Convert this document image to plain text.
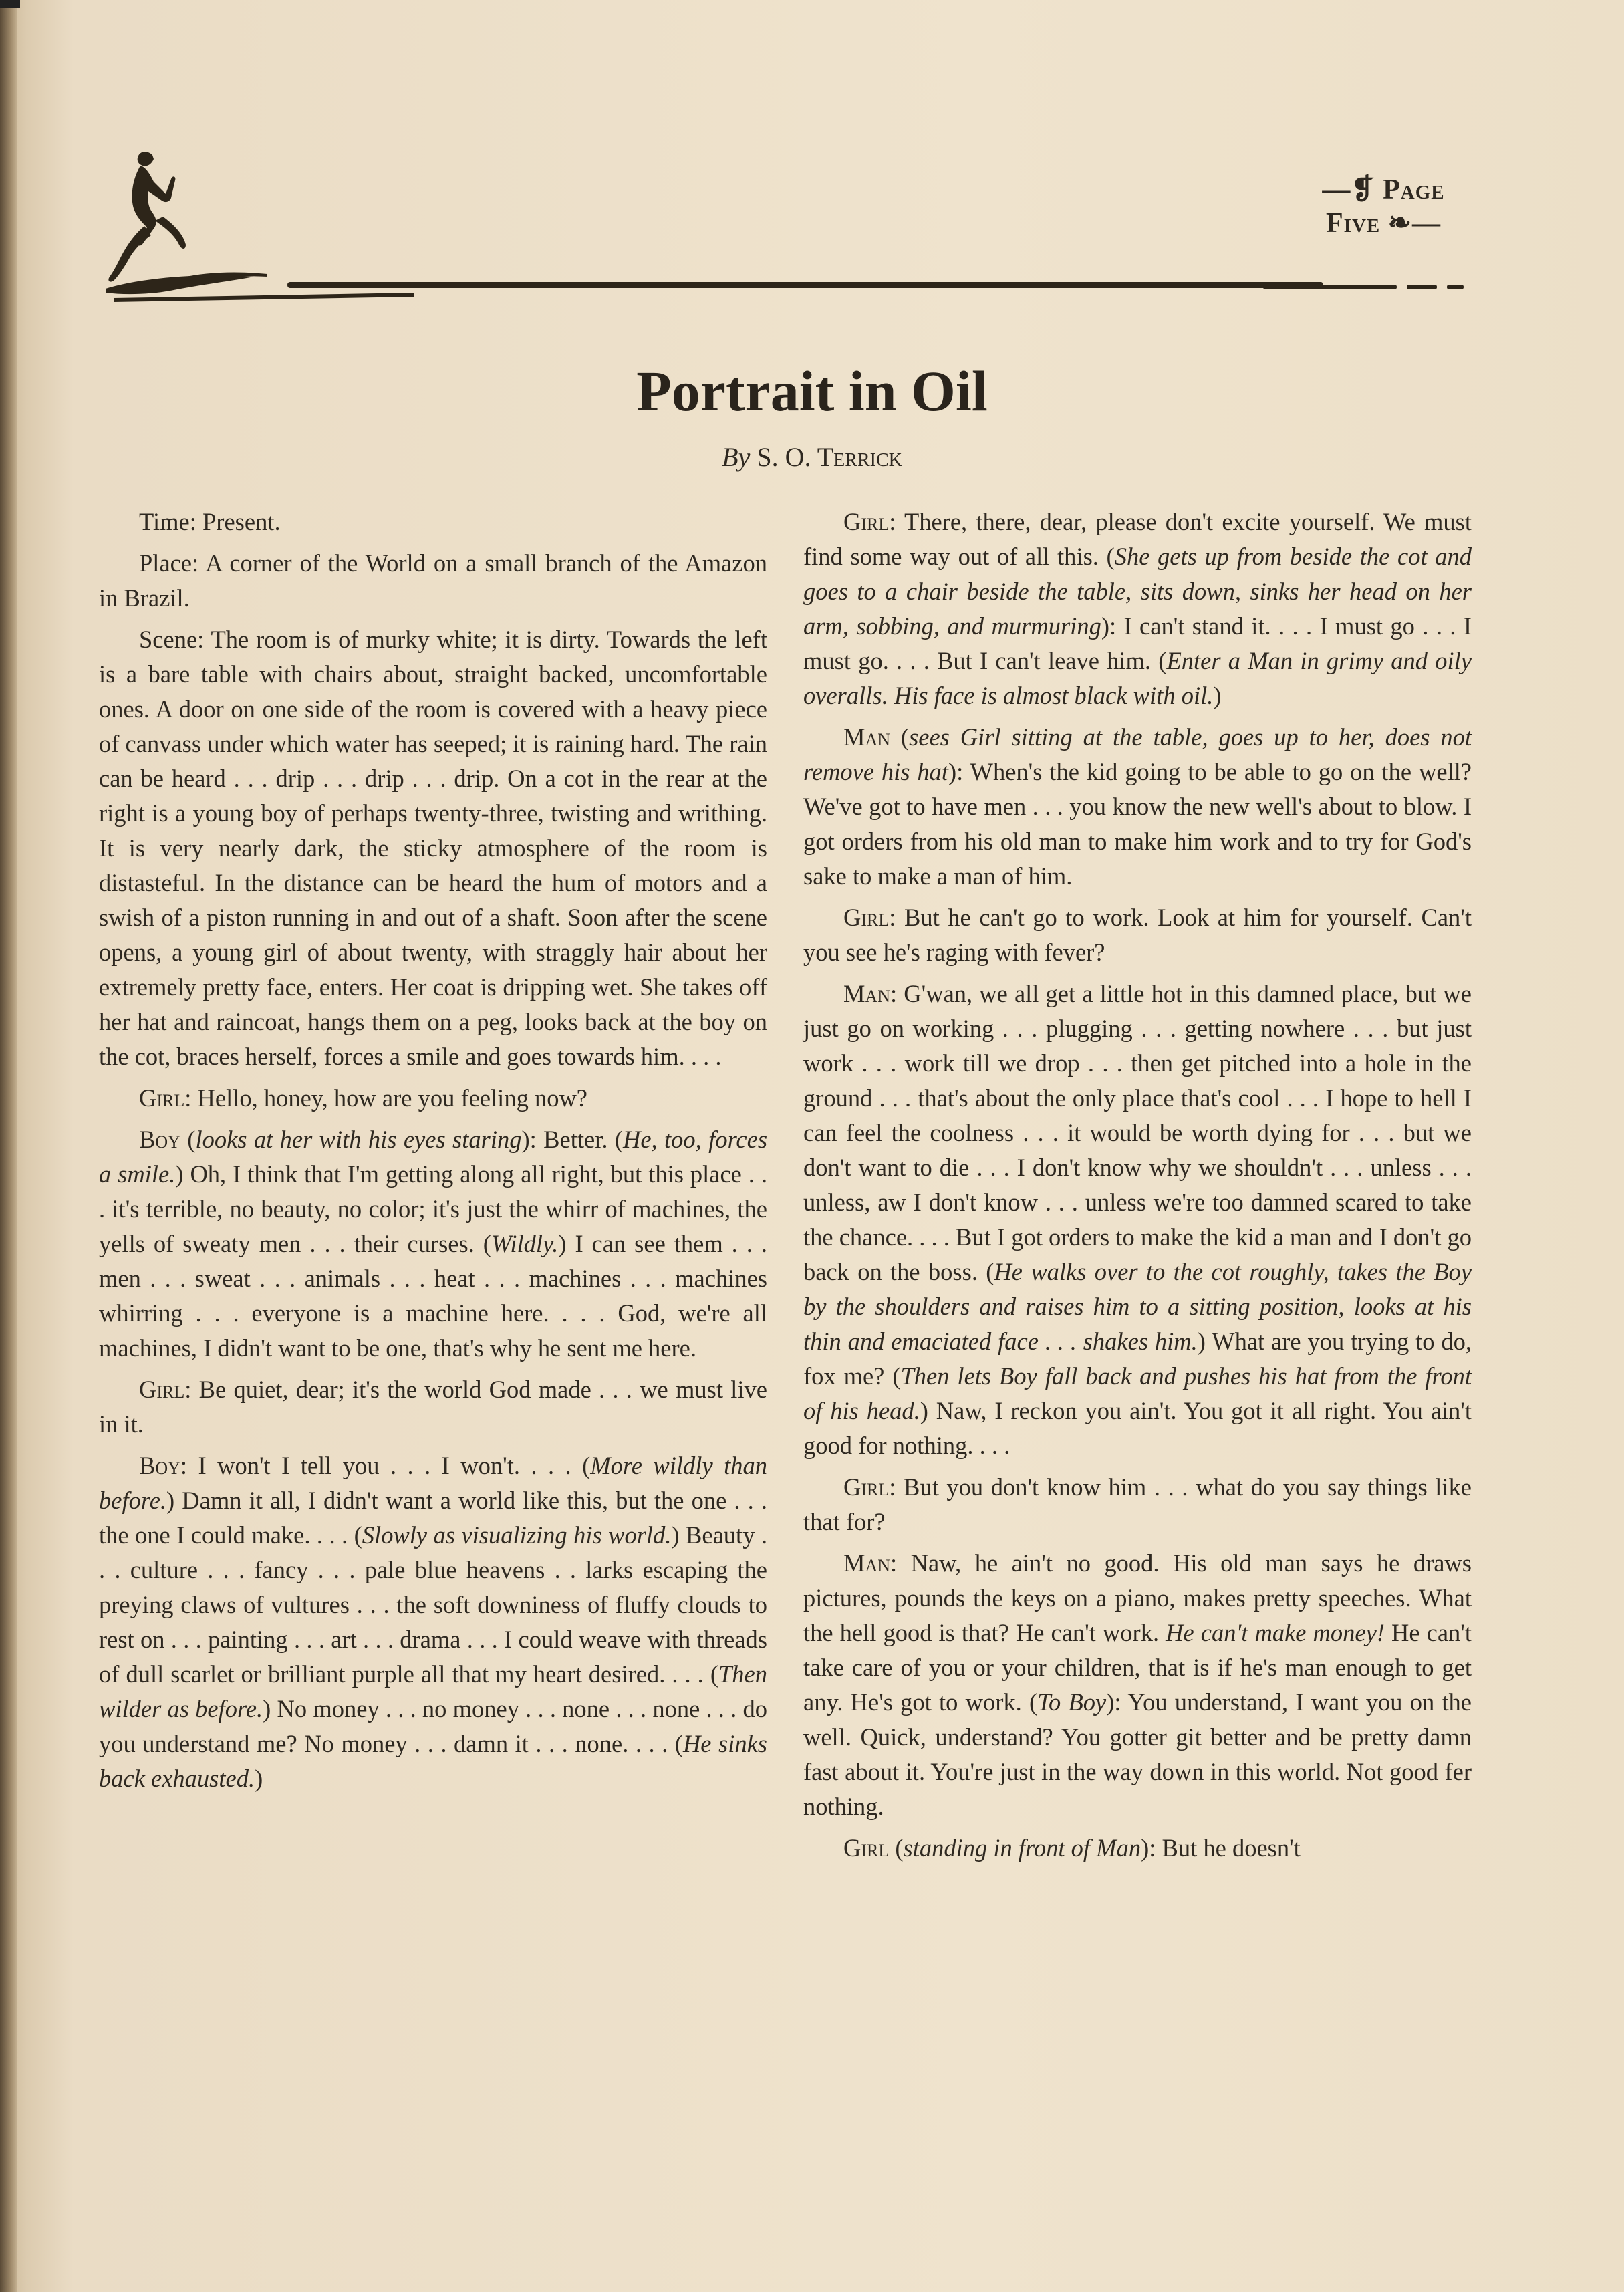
—❡ Page Five ❧—
Portrait in Oil
By S. O. Terrick

Time: Present.

Place: A corner of the World on a small branch of the Amazon in Brazil.

Scene: The room is of murky white; it is dirty. Towards the left is a bare table with chairs about, straight backed, uncomfortable ones. A door on one side of the room is covered with a heavy piece of canvass under which water has seeped; it is raining hard. The rain can be heard . . . drip . . . drip . . . drip. On a cot in the rear at the right is a young boy of perhaps twenty-three, twisting and writhing. It is very nearly dark, the sticky atmosphere of the room is distasteful. In the distance can be heard the hum of motors and a swish of a piston running in and out of a shaft. Soon after the scene opens, a young girl of about twenty, with straggly hair about her extremely pretty face, enters. Her coat is dripping wet. She takes off her hat and raincoat, hangs them on a peg, looks back at the boy on the cot, braces herself, forces a smile and goes towards him. . . .

Girl: Hello, honey, how are you feeling now?

Boy (looks at her with his eyes staring): Better. (He, too, forces a smile.) Oh, I think that I'm getting along all right, but this place . . . it's terrible, no beauty, no color; it's just the whirr of machines, the yells of sweaty men . . . their curses. (Wildly.) I can see them . . . men . . . sweat . . . animals . . . heat . . . machines . . . machines whirring . . . everyone is a machine here. . . . God, we're all machines, I didn't want to be one, that's why he sent me here.

Girl: Be quiet, dear; it's the world God made . . . we must live in it.

Boy: I won't I tell you . . . I won't. . . . (More wildly than before.) Damn it all, I didn't want a world like this, but the one . . . the one I could make. . . . (Slowly as visualizing his world.) Beauty . . . culture . . . fancy . . . pale blue heavens . . larks escaping the preying claws of vultures . . . the soft downiness of fluffy clouds to rest on . . . painting . . . art . . . drama . . . I could weave with threads of dull scarlet or brilliant purple all that my heart desired. . . . (Then wilder as before.) No money . . . no money . . . none . . . none . . . do you understand me? No money . . . damn it . . . none. . . . (He sinks back exhausted.)

Girl: There, there, dear, please don't excite yourself. We must find some way out of all this. (She gets up from beside the cot and goes to a chair beside the table, sits down, sinks her head on her arm, sobbing, and murmuring): I can't stand it. . . . I must go . . . I must go. . . . But I can't leave him. (Enter a Man in grimy and oily overalls. His face is almost black with oil.)

Man (sees Girl sitting at the table, goes up to her, does not remove his hat): When's the kid going to be able to go on the well? We've got to have men . . . you know the new well's about to blow. I got orders from his old man to make him work and to try for God's sake to make a man of him.

Girl: But he can't go to work. Look at him for yourself. Can't you see he's raging with fever?

Man: G'wan, we all get a little hot in this damned place, but we just go on working . . . plugging . . . getting nowhere . . . but just work . . . work till we drop . . . then get pitched into a hole in the ground . . . that's about the only place that's cool . . . I hope to hell I can feel the coolness . . . it would be worth dying for . . . but we don't want to die . . . I don't know why we shouldn't . . . unless . . . unless, aw I don't know . . . unless we're too damned scared to take the chance. . . . But I got orders to make the kid a man and I don't go back on the boss. (He walks over to the cot roughly, takes the Boy by the shoulders and raises him to a sitting position, looks at his thin and emaciated face . . . shakes him.) What are you trying to do, fox me? (Then lets Boy fall back and pushes his hat from the front of his head.) Naw, I reckon you ain't. You got it all right. You ain't good for nothing. . . .

Girl: But you don't know him . . . what do you say things like that for?

Man: Naw, he ain't no good. His old man says he draws pictures, pounds the keys on a piano, makes pretty speeches. What the hell good is that? He can't work. He can't make money! He can't take care of you or your children, that is if he's man enough to get any. He's got to work. (To Boy): You understand, I want you on the well. Quick, understand? You gotter git better and be pretty damn fast about it. You're just in the way down in this world. Not good fer nothing.

Girl (standing in front of Man): But he doesn't
